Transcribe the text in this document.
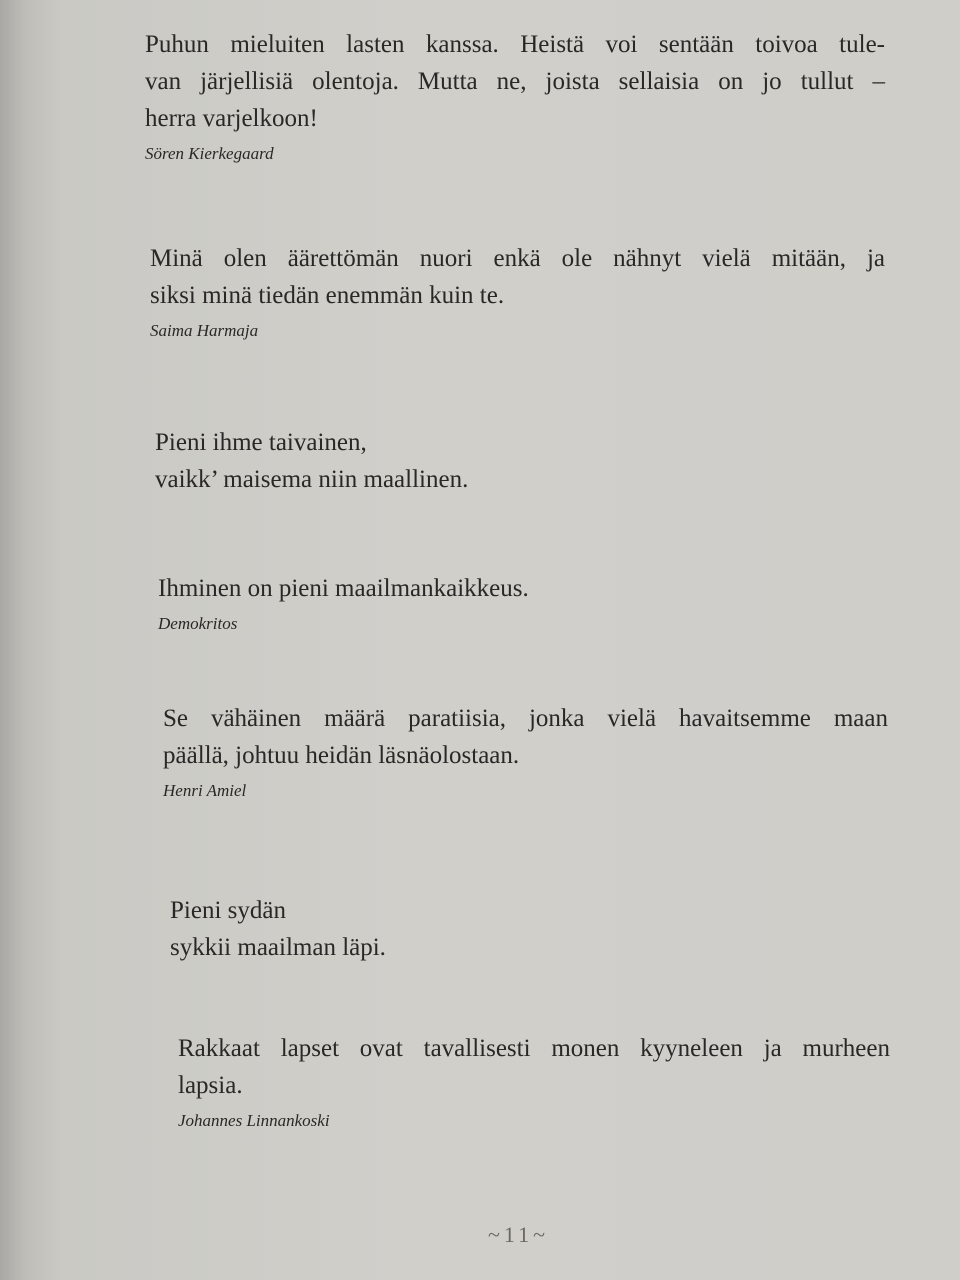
Puhun mieluiten lasten kanssa. Heistä voi sentään toivoa tule-
van järjellisiä olentoja. Mutta ne, joista sellaisia on jo tullut –
herra varjelkoon!
Sören Kierkegaard
Minä olen äärettömän nuori enkä ole nähnyt vielä mitään, ja
siksi minä tiedän enemmän kuin te.
Saima Harmaja
Pieni ihme taivainen,
vaikk’ maisema niin maallinen.
Ihminen on pieni maailmankaikkeus.
Demokritos
Se vähäinen määrä paratiisia, jonka vielä havaitsemme maan
päällä, johtuu heidän läsnäolostaan.
Henri Amiel
Pieni sydän
sykkii maailman läpi.
Rakkaat lapset ovat tavallisesti monen kyyneleen ja murheen
lapsia.
Johannes Linnankoski
~11~
